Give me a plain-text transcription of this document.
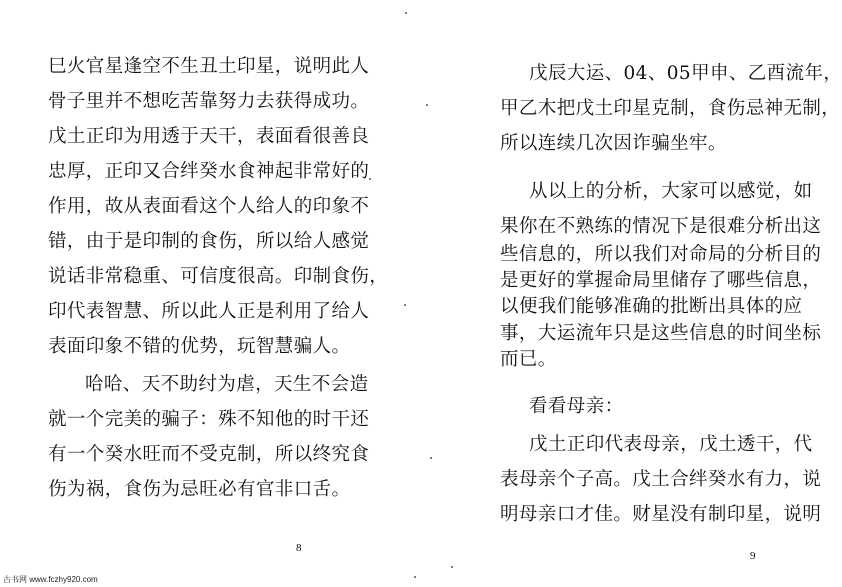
巳火官星逢空不生丑土印星，说明此人
骨子里并不想吃苦靠努力去获得成功。
戊土正印为用透于天干，表面看很善良
忠厚，正印又合绊癸水食神起非常好的
作用，故从表面看这个人给人的印象不
错，由于是印制的食伤，所以给人感觉
说话非常稳重、可信度很高。印制食伤，
印代表智慧、所以此人正是利用了给人
表面印象不错的优势，玩智慧骗人。
哈哈、天不助纣为虐，天生不会造
就一个完美的骗子：殊不知他的时干还
有一个癸水旺而不受克制，所以终究食
伤为祸，食伤为忌旺必有官非口舌。
8
戊辰大运、04、05甲申、乙酉流年，
甲乙木把戊土印星克制，食伤忌神无制，
所以连续几次因诈骗坐牢。
从以上的分析，大家可以感觉，如
果你在不熟练的情况下是很难分析出这
些信息的，所以我们对命局的分析目的
是更好的掌握命局里储存了哪些信息，
以便我们能够准确的批断出具体的应
事，大运流年只是这些信息的时间坐标
而已。
看看母亲：
戊土正印代表母亲，戊土透干，代
表母亲个子高。戊土合绊癸水有力，说
明母亲口才佳。财星没有制印星，说明
9
古书网 www.fczhy920.com
